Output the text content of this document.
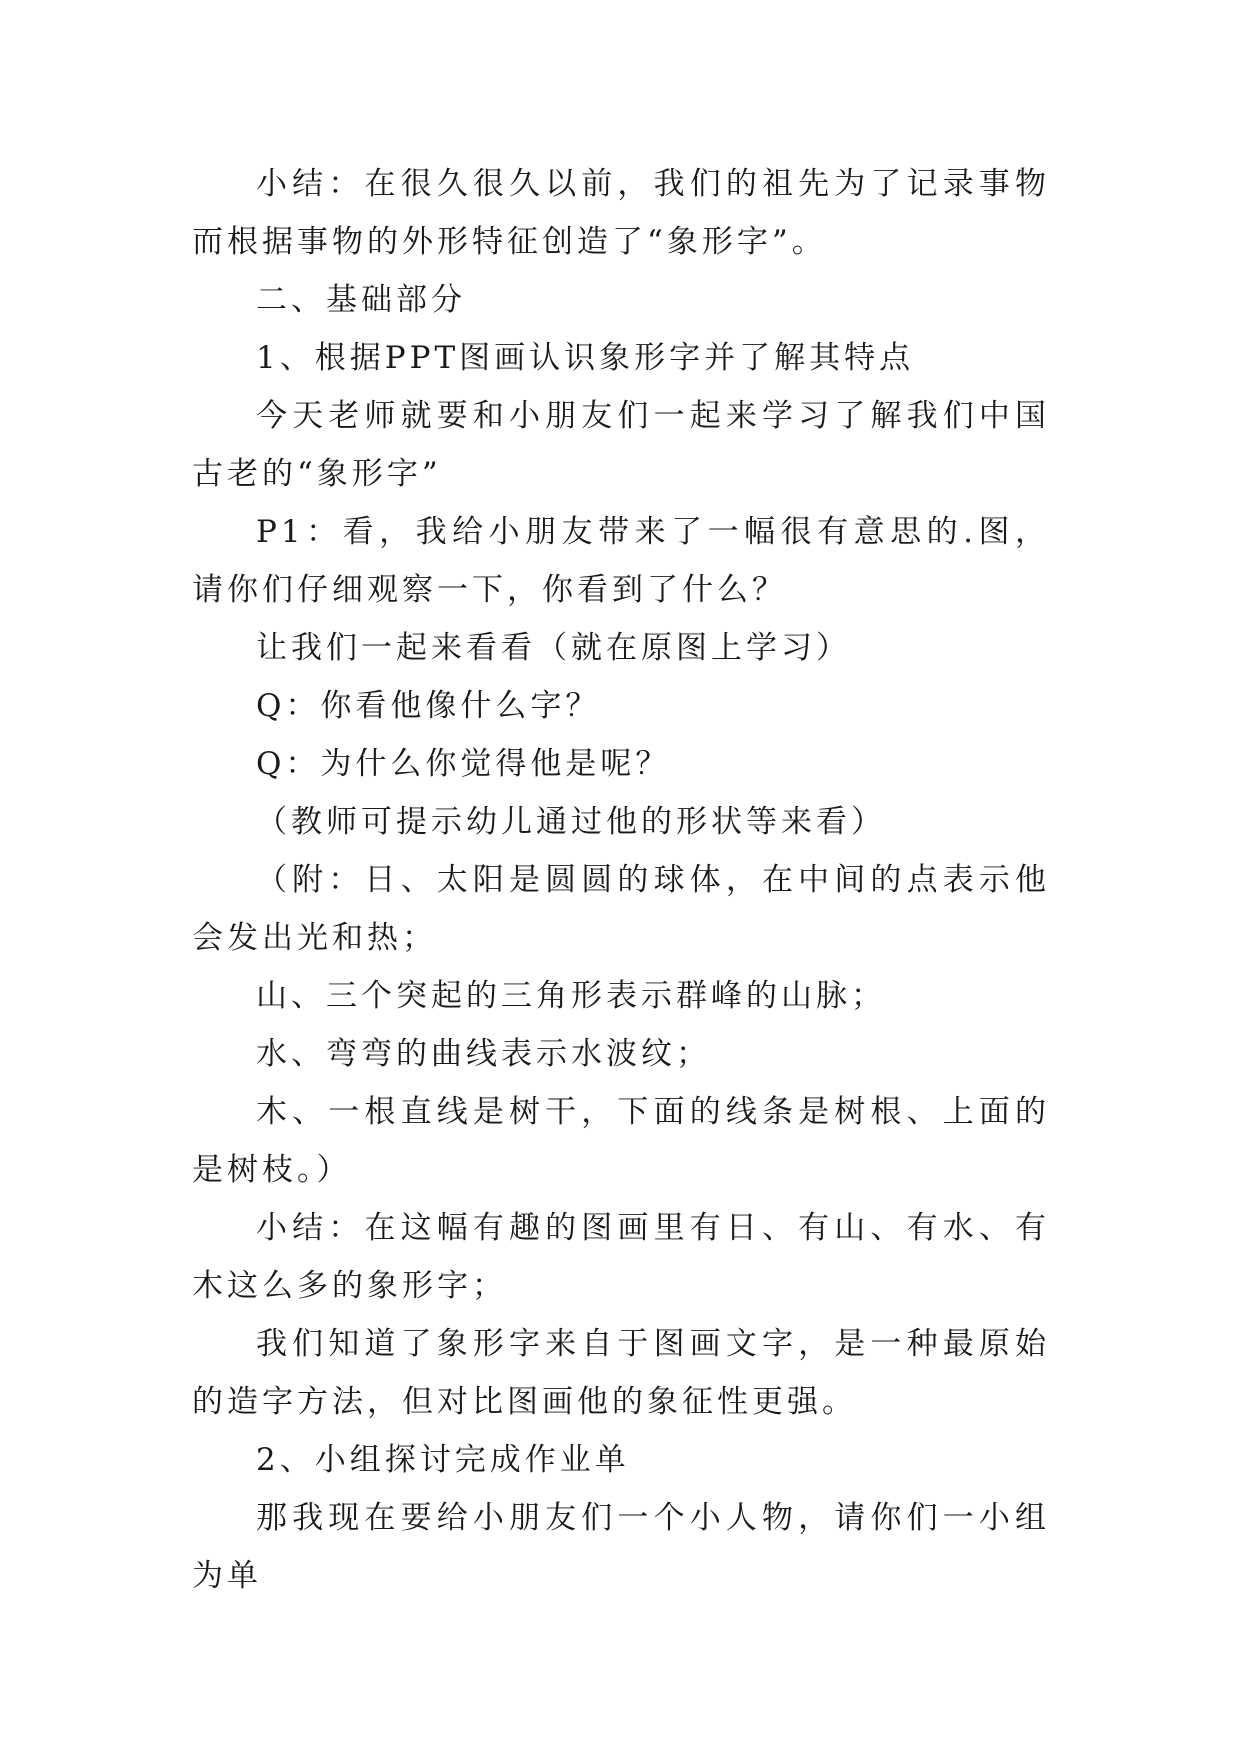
小结：在很久很久以前，我们的祖先为了记录事物而根据事物的外形特征创造了“象形字”。

二、基础部分

1、根据PPT图画认识象形字并了解其特点

今天老师就要和小朋友们一起来学习了解我们中国古老的“象形字”

P1：看，我给小朋友带来了一幅很有意思的.图，请你们仔细观察一下，你看到了什么？

让我们一起来看看（就在原图上学习）

Q：你看他像什么字？

Q：为什么你觉得他是呢？

（教师可提示幼儿通过他的形状等来看）

（附：日、太阳是圆圆的球体，在中间的点表示他会发出光和热；

山、三个突起的三角形表示群峰的山脉；

水、弯弯的曲线表示水波纹；

木、一根直线是树干，下面的线条是树根、上面的是树枝。）

小结：在这幅有趣的图画里有日、有山、有水、有木这么多的象形字；

我们知道了象形字来自于图画文字，是一种最原始的造字方法，但对比图画他的象征性更强。

2、小组探讨完成作业单

那我现在要给小朋友们一个小人物，请你们一小组为单
